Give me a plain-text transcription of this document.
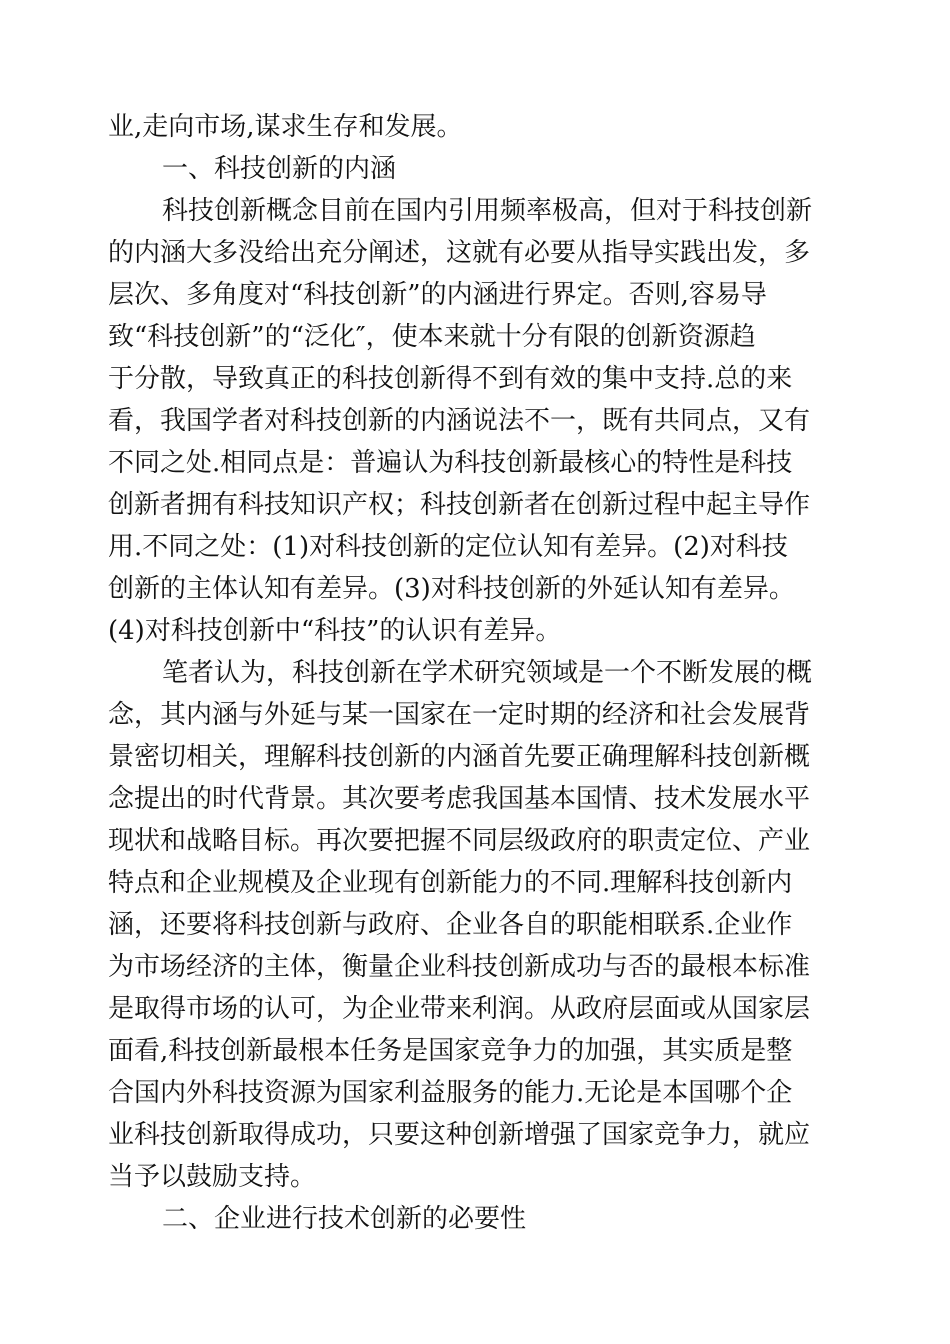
业,走向市场,谋求生存和发展。
一、科技创新的内涵
科技创新概念目前在国内引用频率极高，但对于科技创新
的内涵大多没给出充分阐述，这就有必要从指导实践出发，多
层次、多角度对“科技创新”的内涵进行界定。否则,容易导
致“科技创新”的“泛化″，使本来就十分有限的创新资源趋
于分散，导致真正的科技创新得不到有效的集中支持.总的来
看，我国学者对科技创新的内涵说法不一，既有共同点，又有
不同之处.相同点是：普遍认为科技创新最核心的特性是科技
创新者拥有科技知识产权；科技创新者在创新过程中起主导作
用.不同之处：(1)对科技创新的定位认知有差异。(2)对科技
创新的主体认知有差异。(3)对科技创新的外延认知有差异。
(4)对科技创新中“科技”的认识有差异。
笔者认为，科技创新在学术研究领域是一个不断发展的概
念，其内涵与外延与某一国家在一定时期的经济和社会发展背
景密切相关，理解科技创新的内涵首先要正确理解科技创新概
念提出的时代背景。其次要考虑我国基本国情、技术发展水平
现状和战略目标。再次要把握不同层级政府的职责定位、产业
特点和企业规模及企业现有创新能力的不同.理解科技创新内
涵，还要将科技创新与政府、企业各自的职能相联系.企业作
为市场经济的主体，衡量企业科技创新成功与否的最根本标准
是取得市场的认可，为企业带来利润。从政府层面或从国家层
面看,科技创新最根本任务是国家竞争力的加强，其实质是整
合国内外科技资源为国家利益服务的能力.无论是本国哪个企
业科技创新取得成功，只要这种创新增强了国家竞争力，就应
当予以鼓励支持。
二、企业进行技术创新的必要性
